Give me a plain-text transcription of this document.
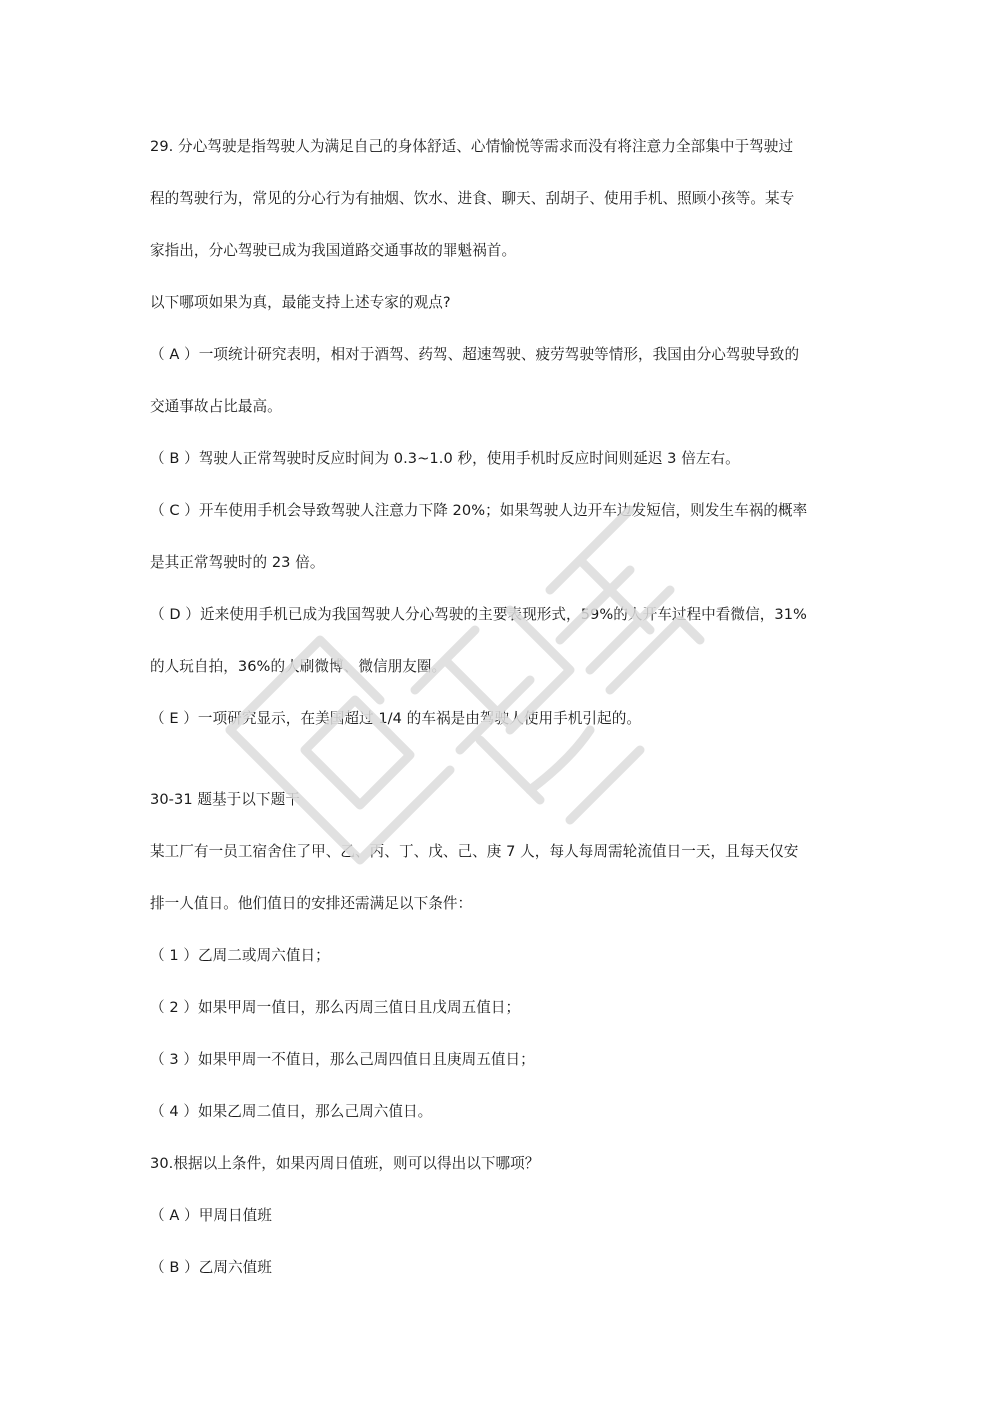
29. 分心驾驶是指驾驶人为满足自己的身体舒适、心情愉悦等需求而没有将注意力全部集中于驾驶过
程的驾驶行为，常见的分心行为有抽烟、饮水、进食、聊天、刮胡子、使用手机、照顾小孩等。某专
家指出，分心驾驶已成为我国道路交通事故的罪魁祸首。
以下哪项如果为真，最能支持上述专家的观点?
（ A ）一项统计研究表明，相对于酒驾、药驾、超速驾驶、疲劳驾驶等情形，我国由分心驾驶导致的
交通事故占比最高。
（ B ）驾驶人正常驾驶时反应时间为 0.3~1.0 秒，使用手机时反应时间则延迟 3 倍左右。
（ C ）开车使用手机会导致驾驶人注意力下降 20%；如果驾驶人边开车边发短信，则发生车祸的概率
是其正常驾驶时的 23 倍。
（ D ）近来使用手机已成为我国驾驶人分心驾驶的主要表现形式，59%的人开车过程中看微信，31%
的人玩自拍，36%的人刷微博、微信朋友圈。
（ E ）一项研究显示，在美国超过 1/4 的车祸是由驾驶人使用手机引起的。
30-31 题基于以下题干
某工厂有一员工宿舍住了甲、乙、丙、丁、戊、己、庚 7 人，每人每周需轮流值日一天，且每天仅安
排一人值日。他们值日的安排还需满足以下条件：
（ 1 ）乙周二或周六值日；
（ 2 ）如果甲周一值日，那么丙周三值日且戊周五值日；
（ 3 ）如果甲周一不值日，那么己周四值日且庚周五值日；
（ 4 ）如果乙周二值日，那么己周六值日。
30.根据以上条件，如果丙周日值班，则可以得出以下哪项？
（ A ）甲周日值班
（ B ）乙周六值班
